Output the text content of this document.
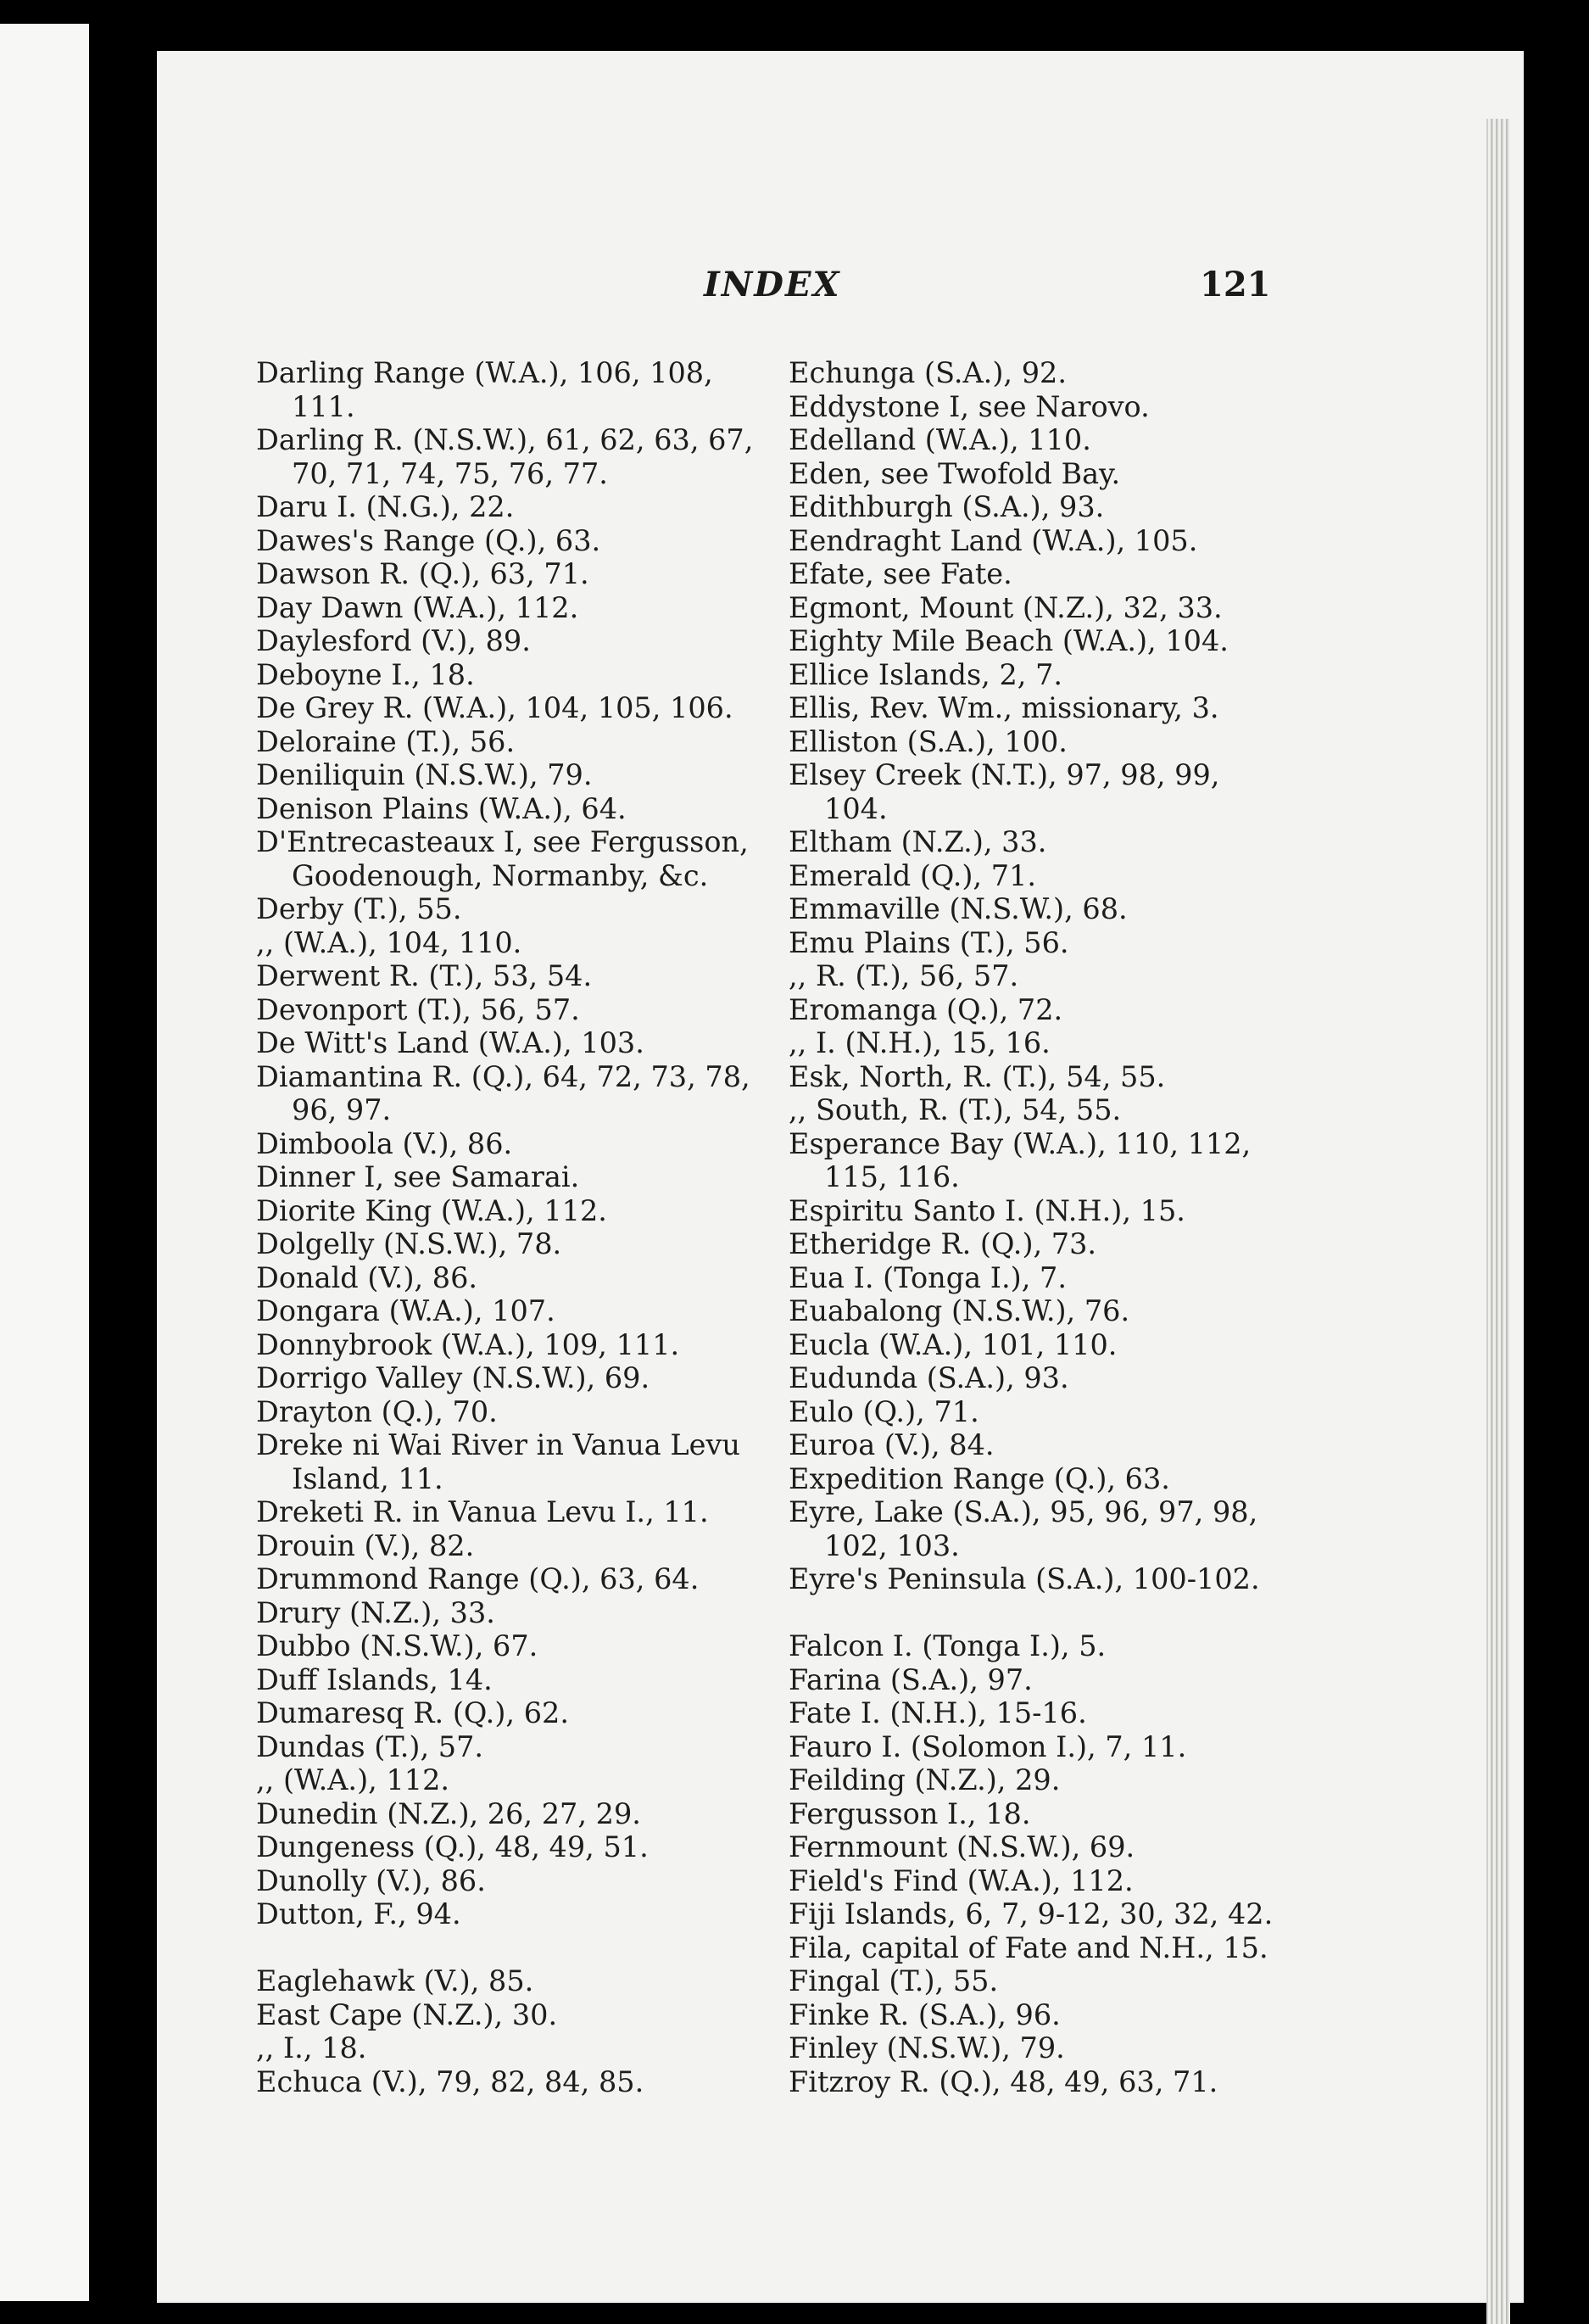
INDEX	121
Darling Range (W.A.), 106, 108, 111.
Darling R. (N.S.W.), 61, 62, 63, 67, 70, 71, 74, 75, 76, 77.
Daru I. (N.G.), 22.
Dawes's Range (Q.), 63.
Dawson R. (Q.), 63, 71.
Day Dawn (W.A.), 112.
Daylesford (V.), 89.
Deboyne I., 18.
De Grey R. (W.A.), 104, 105, 106.
Deloraine (T.), 56.
Deniliquin (N.S.W.), 79.
Denison Plains (W.A.), 64.
D'Entrecasteaux I, see Fergusson, Goodenough, Normanby, &c.
Derby (T.), 55.
,, (W.A.), 104, 110.
Derwent R. (T.), 53, 54.
Devonport (T.), 56, 57.
De Witt's Land (W.A.), 103.
Diamantina R. (Q.), 64, 72, 73, 78, 96, 97.
Dimboola (V.), 86.
Dinner I, see Samarai.
Diorite King (W.A.), 112.
Dolgelly (N.S.W.), 78.
Donald (V.), 86.
Dongara (W.A.), 107.
Donnybrook (W.A.), 109, 111.
Dorrigo Valley (N.S.W.), 69.
Drayton (Q.), 70.
Dreke ni Wai River in Vanua Levu Island, 11.
Dreketi R. in Vanua Levu I., 11.
Drouin (V.), 82.
Drummond Range (Q.), 63, 64.
Drury (N.Z.), 33.
Dubbo (N.S.W.), 67.
Duff Islands, 14.
Dumaresq R. (Q.), 62.
Dundas (T.), 57.
,, (W.A.), 112.
Dunedin (N.Z.), 26, 27, 29.
Dungeness (Q.), 48, 49, 51.
Dunolly (V.), 86.
Dutton, F., 94.
Eaglehawk (V.), 85.
East Cape (N.Z.), 30.
,, I., 18.
Echuca (V.), 79, 82, 84, 85.
Echunga (S.A.), 92.
Eddystone I, see Narovo.
Edelland (W.A.), 110.
Eden, see Twofold Bay.
Edithburgh (S.A.), 93.
Eendraght Land (W.A.), 105.
Efate, see Fate.
Egmont, Mount (N.Z.), 32, 33.
Eighty Mile Beach (W.A.), 104.
Ellice Islands, 2, 7.
Ellis, Rev. Wm., missionary, 3.
Elliston (S.A.), 100.
Elsey Creek (N.T.), 97, 98, 99, 104.
Eltham (N.Z.), 33.
Emerald (Q.), 71.
Emmaville (N.S.W.), 68.
Emu Plains (T.), 56.
,, R. (T.), 56, 57.
Eromanga (Q.), 72.
,, I. (N.H.), 15, 16.
Esk, North, R. (T.), 54, 55.
,, South, R. (T.), 54, 55.
Esperance Bay (W.A.), 110, 112, 115, 116.
Espiritu Santo I. (N.H.), 15.
Etheridge R. (Q.), 73.
Eua I. (Tonga I.), 7.
Euabalong (N.S.W.), 76.
Eucla (W.A.), 101, 110.
Eudunda (S.A.), 93.
Eulo (Q.), 71.
Euroa (V.), 84.
Expedition Range (Q.), 63.
Eyre, Lake (S.A.), 95, 96, 97, 98, 102, 103.
Eyre's Peninsula (S.A.), 100-102.
Falcon I. (Tonga I.), 5.
Farina (S.A.), 97.
Fate I. (N.H.), 15-16.
Fauro I. (Solomon I.), 7, 11.
Feilding (N.Z.), 29.
Fergusson I., 18.
Fernmount (N.S.W.), 69.
Field's Find (W.A.), 112.
Fiji Islands, 6, 7, 9-12, 30, 32, 42.
Fila, capital of Fate and N.H., 15.
Fingal (T.), 55.
Finke R. (S.A.), 96.
Finley (N.S.W.), 79.
Fitzroy R. (Q.), 48, 49, 63, 71.
